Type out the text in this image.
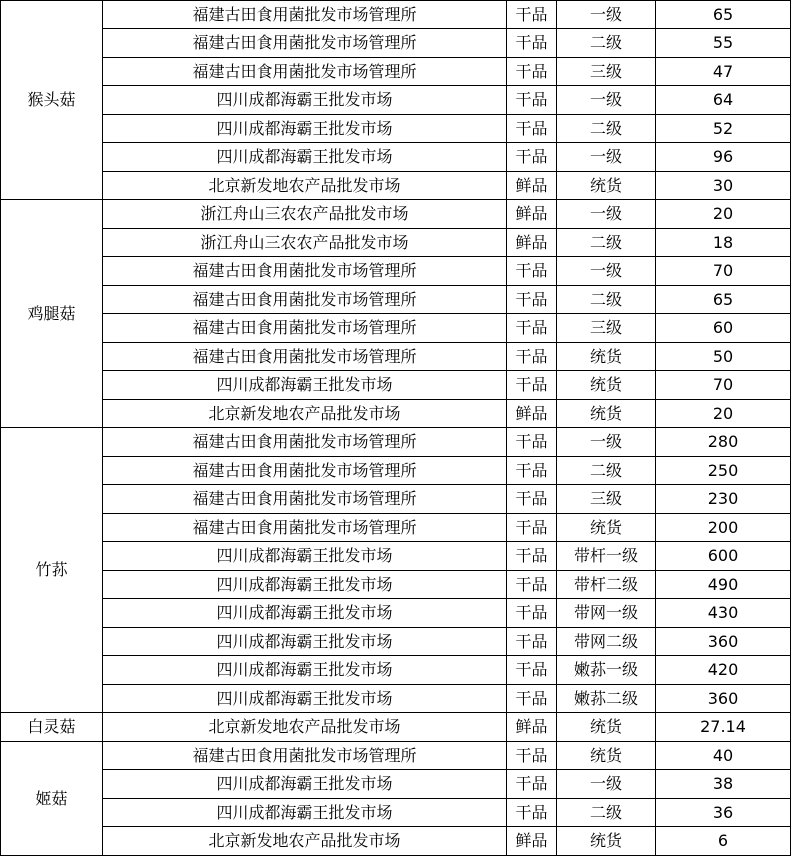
猴头菇	福建古田食用菌批发市场管理所	干品	一级	65
	福建古田食用菌批发市场管理所	干品	二级	55
	福建古田食用菌批发市场管理所	干品	三级	47
	四川成都海霸王批发市场	干品	一级	64
	四川成都海霸王批发市场	干品	二级	52
	四川成都海霸王批发市场	干品	一级	96
	北京新发地农产品批发市场	鲜品	统货	30
鸡腿菇	浙江舟山三农农产品批发市场	鲜品	一级	20
	浙江舟山三农农产品批发市场	鲜品	二级	18
	福建古田食用菌批发市场管理所	干品	一级	70
	福建古田食用菌批发市场管理所	干品	二级	65
	福建古田食用菌批发市场管理所	干品	三级	60
	福建古田食用菌批发市场管理所	干品	统货	50
	四川成都海霸王批发市场	干品	统货	70
	北京新发地农产品批发市场	鲜品	统货	20
竹荪	福建古田食用菌批发市场管理所	干品	一级	280
	福建古田食用菌批发市场管理所	干品	二级	250
	福建古田食用菌批发市场管理所	干品	三级	230
	福建古田食用菌批发市场管理所	干品	统货	200
	四川成都海霸王批发市场	干品	带杆一级	600
	四川成都海霸王批发市场	干品	带杆二级	490
	四川成都海霸王批发市场	干品	带网一级	430
	四川成都海霸王批发市场	干品	带网二级	360
	四川成都海霸王批发市场	干品	嫩荪一级	420
	四川成都海霸王批发市场	干品	嫩荪二级	360
白灵菇	北京新发地农产品批发市场	鲜品	统货	27.14
姬菇	福建古田食用菌批发市场管理所	干品	统货	40
	四川成都海霸王批发市场	干品	一级	38
	四川成都海霸王批发市场	干品	二级	36
	北京新发地农产品批发市场	鲜品	统货	6
